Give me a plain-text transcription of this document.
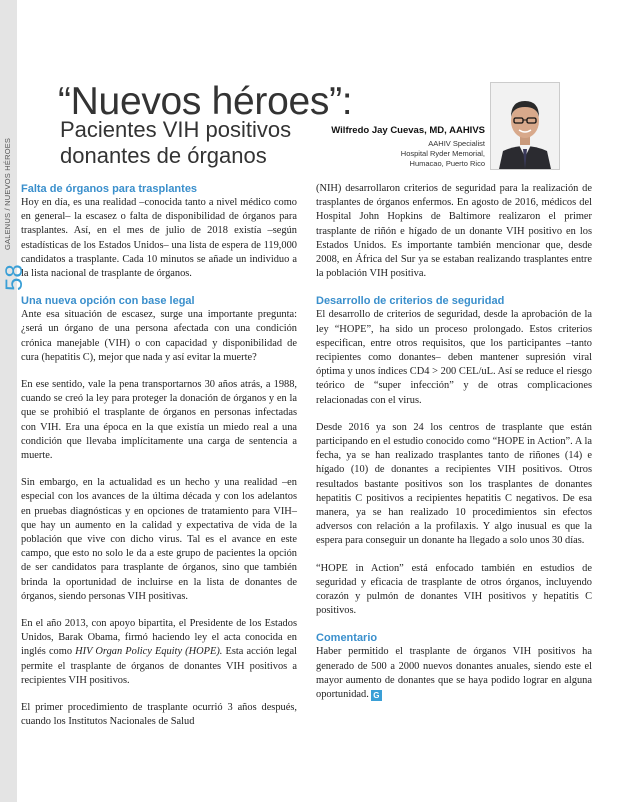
GALENUS / NUEVOS HÉROES
58
“Nuevos héroes”:
Pacientes VIH positivos donantes de órganos
Wilfredo Jay Cuevas, MD, AAHIVS
AAHIV Specialist
Hospital Ryder Memorial,
Humacao, Puerto Rico
Falta de órganos para trasplantes

Hoy en día, es una realidad –conocida tanto a nivel médico como en general– la escasez o falta de disponibilidad de órganos para trasplantes. Así, en el mes de julio de 2018 existía –según estadísticas de los Estados Unidos– una lista de espera de 119,000 candidatos a trasplante. Cada 10 minutos se añade un individuo a la lista nacional de trasplante de órganos.

Una nueva opción con base legal

Ante esa situación de escasez, surge una importante pregunta: ¿será un órgano de una persona afectada con una condición crónica manejable (VIH) o con capacidad y disponibilidad de cura (hepatitis C), mejor que nada y así evitar la muerte?

En ese sentido, vale la pena transportarnos 30 años atrás, a 1988, cuando se creó la ley para proteger la donación de órganos y en la que se prohibió el trasplante de órganos en personas infectadas con VIH. Era una época en la que existía un miedo real a una condición que llevaba implícitamente una carga de sentencia a muerte.

Sin embargo, en la actualidad es un hecho y una realidad –en especial con los avances de la última década y con los adelantos en pruebas diagnósticas y en opciones de tratamiento para VIH– que hay un aumento en la calidad y expectativa de vida de la población que vive con dicho virus. Tal es el avance en este campo, que esto no solo le da a este grupo de pacientes la opción de ser candidatos para trasplante de órganos, sino que también brinda la oportunidad de incluirse en la lista de donantes de órganos, siendo personas VIH positivas.

En el año 2013, con apoyo bipartita, el Presidente de los Estados Unidos, Barak Obama, firmó haciendo ley el acta conocida en inglés como HIV Organ Policy Equity (HOPE). Esta acción legal permite el trasplante de órganos de donantes VIH positivos a recipientes VIH positivos.

El primer procedimiento de trasplante ocurrió 3 años después, cuando los Institutos Nacionales de Salud

(NIH) desarrollaron criterios de seguridad para la realización de trasplantes de órganos enfermos. En agosto de 2016, médicos del Hospital John Hopkins de Baltimore realizaron el primer trasplante de riñón e hígado de un donante VIH positivo en los Estados Unidos. Es importante también mencionar que, desde 2008, en África del Sur ya se estaban realizando trasplantes entre la población VIH positiva.

Desarrollo de criterios de seguridad

El desarrollo de criterios de seguridad, desde la aprobación de la ley “HOPE”, ha sido un proceso prolongado. Estos criterios especifican, entre otros requisitos, que los participantes –tanto recipientes como donantes– deben mantener supresión viral óptima y unos índices CD4 > 200 CEL/uL. Así se reduce el riesgo teórico de “super infección” y de otras complicaciones relacionadas con el virus.

Desde 2016 ya son 24 los centros de trasplante que están participando en el estudio conocido como “HOPE in Action”. A la fecha, ya se han realizado trasplantes tanto de riñones (14) e hígado (10) de donantes a recipientes VIH positivos. Otros resultados bastante positivos son los trasplantes de donantes hepatitis C positivos a recipientes hepatitis C negativos. De esa manera, ya se han realizado 10 procedimientos sin efectos adversos con relación a la profilaxis. Y algo inusual es que la espera para conseguir un donante ha llegado a solo unos 30 días.

“HOPE in Action” está enfocado también en estudios de seguridad y eficacia de trasplante de otros órganos, incluyendo corazón y pulmón de donantes VIH positivos y hepatitis C positivos.

Comentario

Haber permitido el trasplante de órganos VIH positivos ha generado de 500 a 2000 nuevos donantes anuales, siendo este el mayor aumento de donantes que se haya podido lograr en alguna oportunidad. G
